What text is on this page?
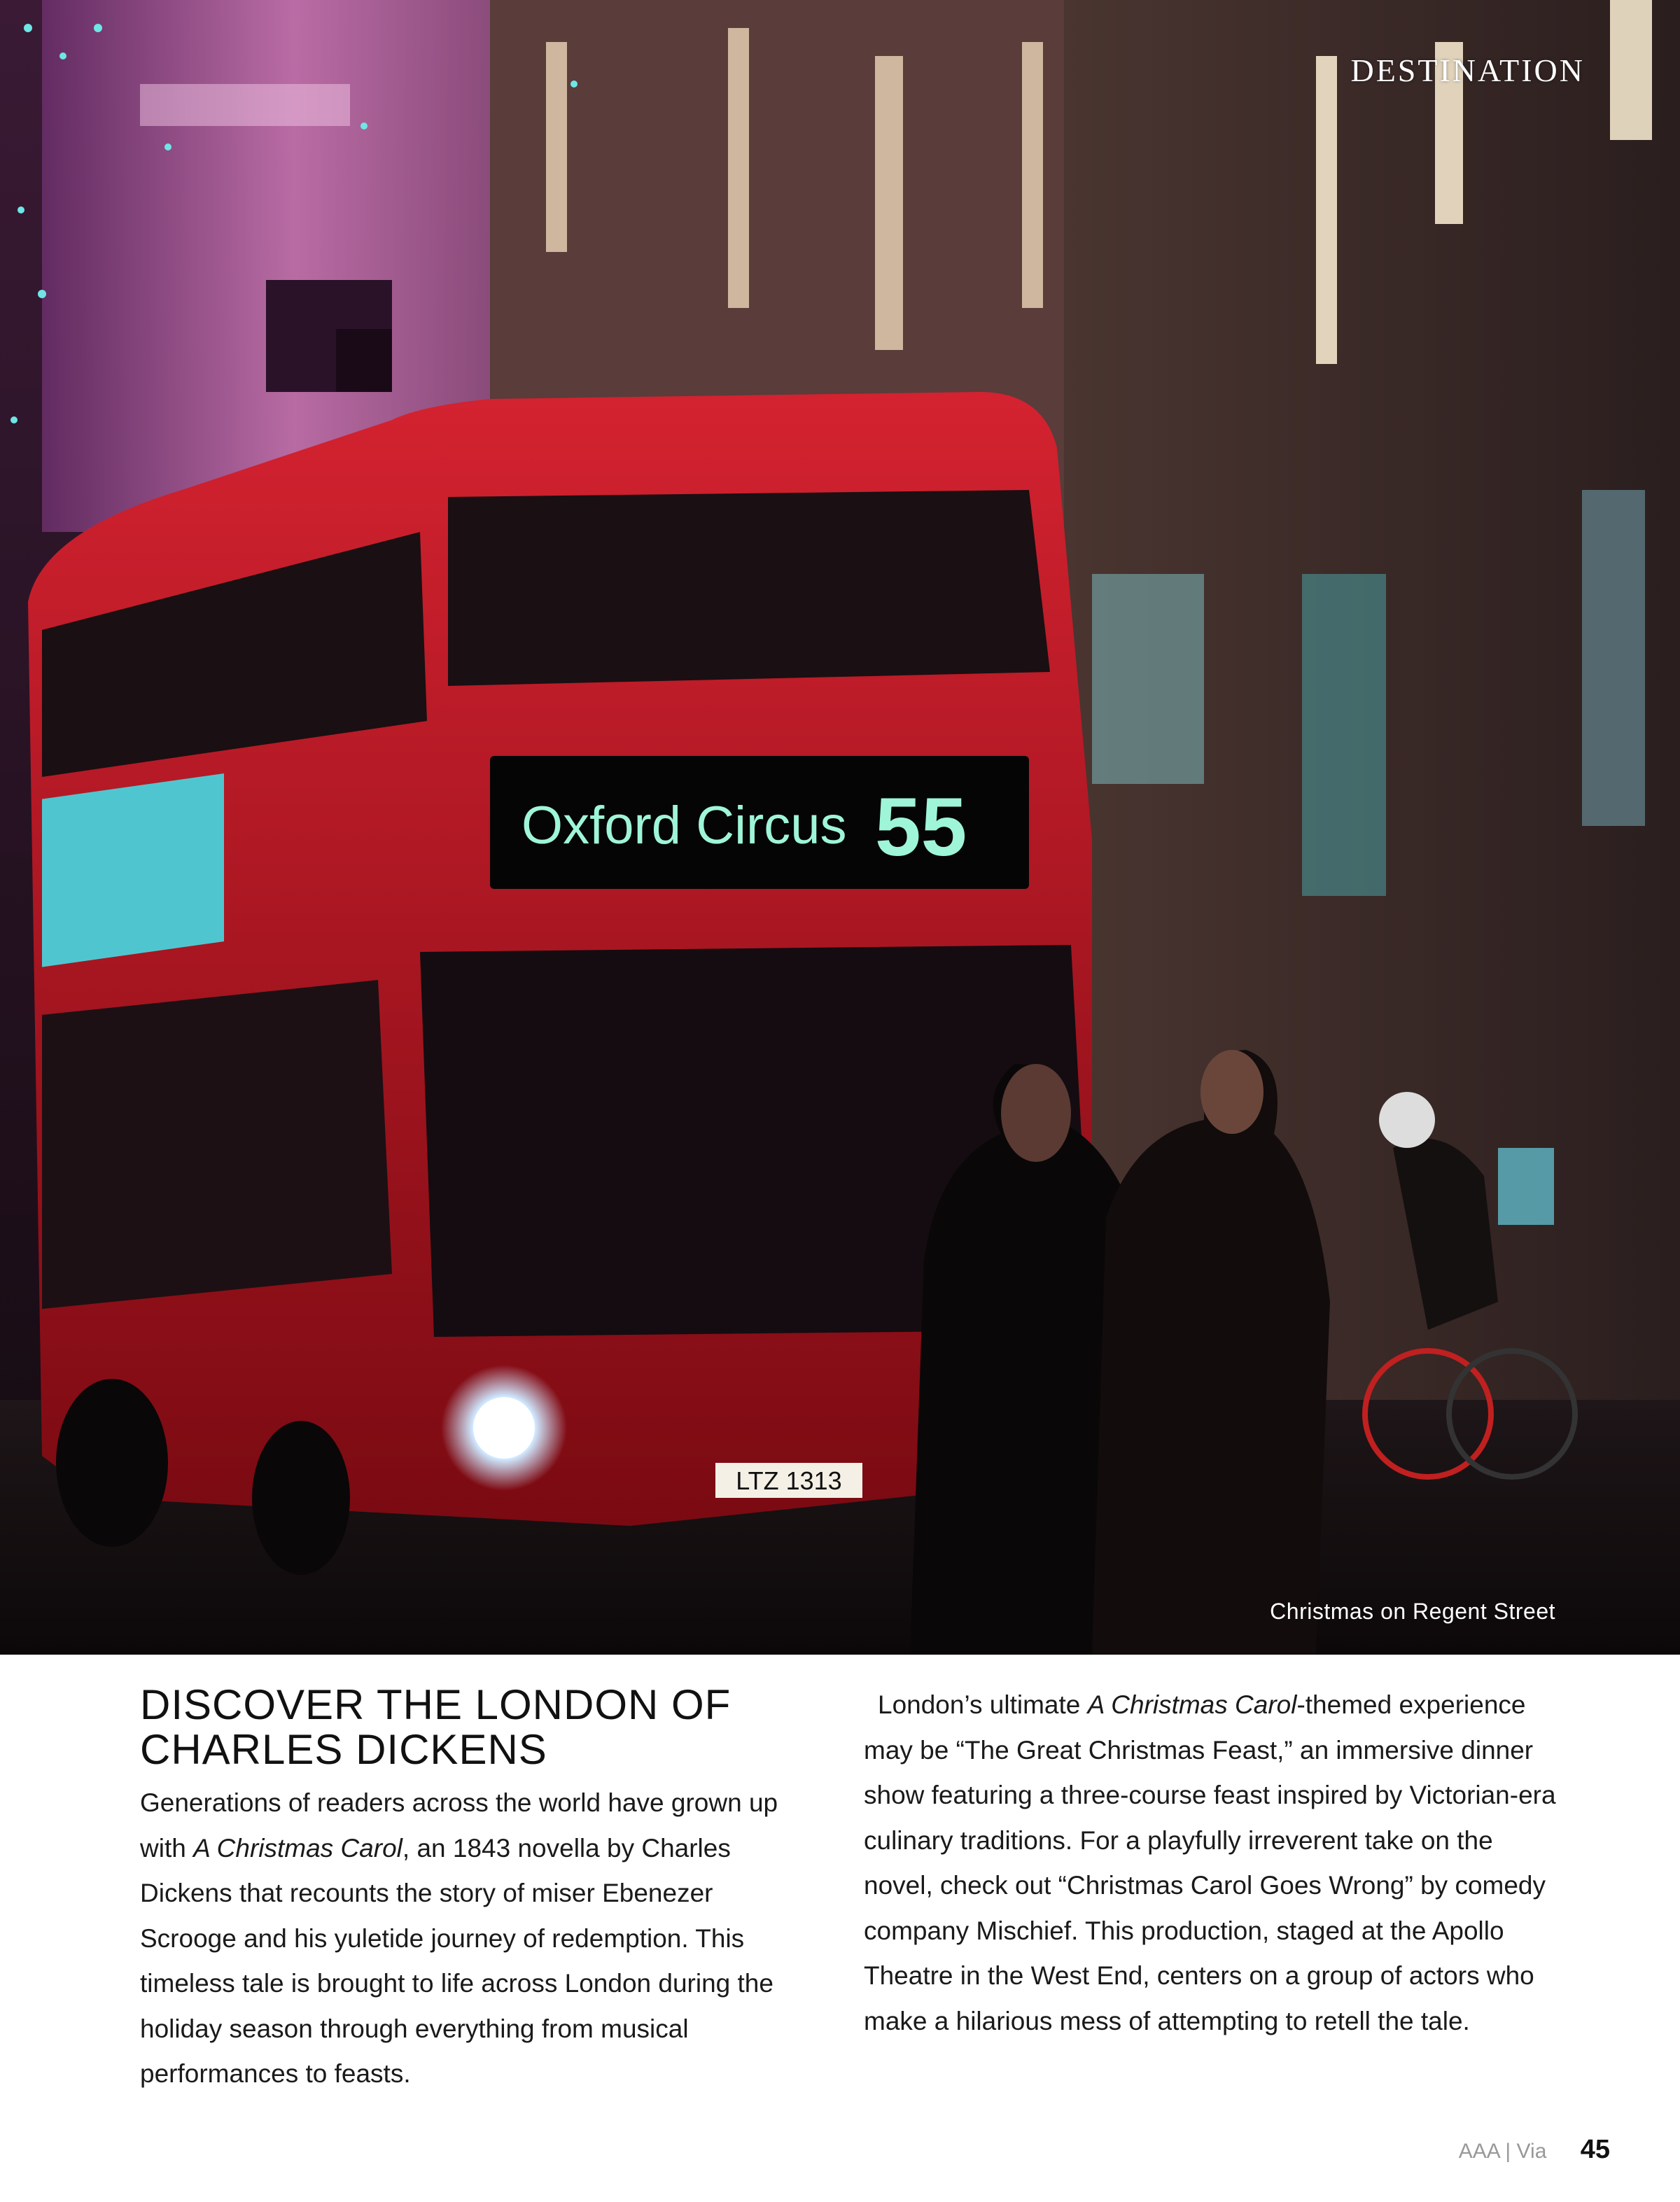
Oxford Circus 55
LTZ 1313
DESTINATION
Christmas on Regent Street
DISCOVER THE LONDON OF CHARLES DICKENS

Generations of readers across the world have grown up with A Christmas Carol, an 1843 novella by Charles Dickens that recounts the story of miser Ebenezer Scrooge and his yuletide journey of redemption. This timeless tale is brought to life across London during the holiday season through everything from musical performances to feasts.

London’s ultimate A Christmas Carol-themed experience may be “The Great Christmas Feast,” an immersive dinner show featuring a three-course feast inspired by Victorian-era culinary traditions. For a playfully irreverent take on the novel, check out “Christmas Carol Goes Wrong” by comedy company Mischief. This production, staged at the Apollo Theatre in the West End, centers on a group of actors who make a hilarious mess of attempting to retell the tale.

AAA | Via 45
